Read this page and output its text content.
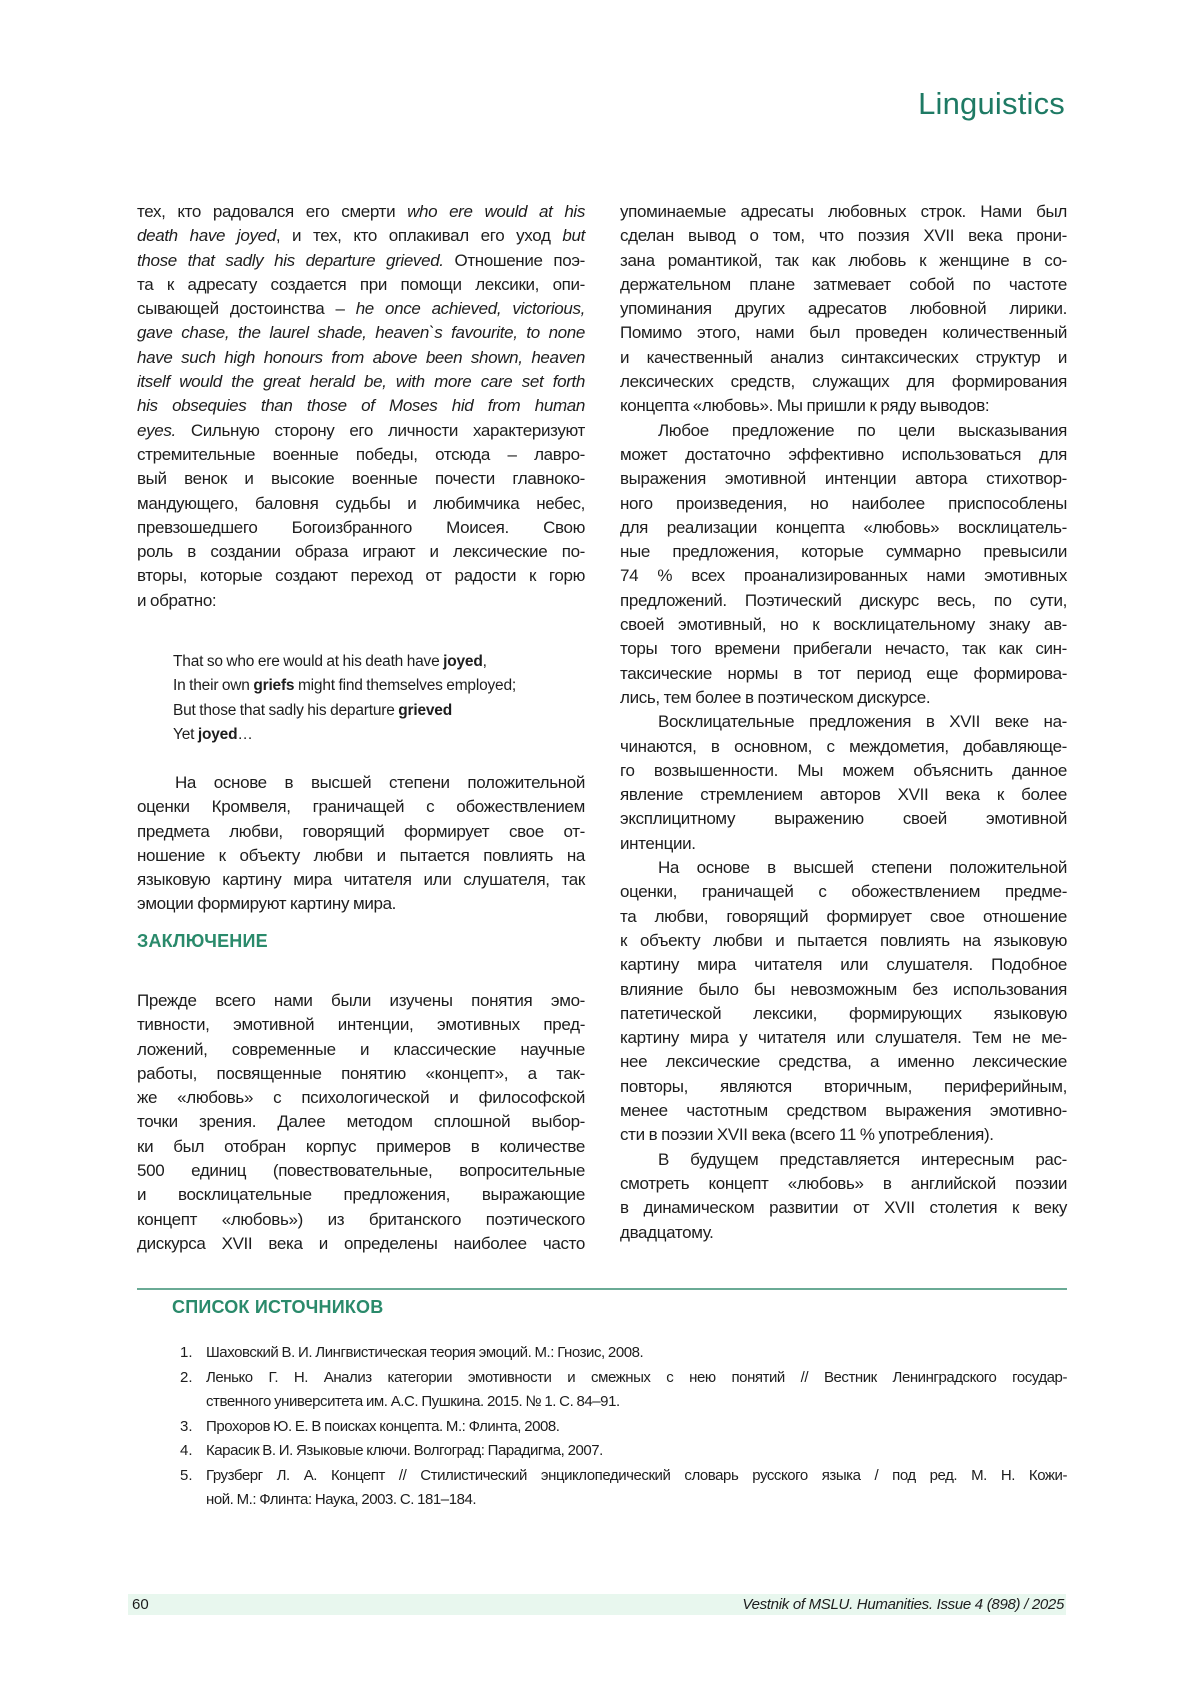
Linguistics
тех, кто радовался его смерти who ere would at his
death have joyed, и тех, кто оплакивал его уход but
those that sadly his departure grieved. Отношение поэ-
та к адресату создается при помощи лексики, опи-
сывающей достоинства – he once achieved, victorious,
gave chase, the laurel shade, heaven`s favourite, to none
have such high honours from above been shown, heaven
itself would the great herald be, with more care set forth
his obsequies than those of Moses hid from human
eyes. Сильную сторону его личности характеризуют
стремительные военные победы, отсюда – лавро-
вый венок и высокие военные почести главноко-
мандующего, баловня судьбы и любимчика небес,
превзошедшего Богоизбранного Моисея. Свою
роль в создании образа играют и лексические по-
вторы, которые создают переход от радости к горю
и обратно:
That so who ere would at his death have joyed,
In their own griefs might find themselves employed;
But those that sadly his departure grieved
Yet joyed…
На основе в высшей степени положительной
оценки Кромвеля, граничащей с обожествлением
предмета любви, говорящий формирует свое от-
ношение к объекту любви и пытается повлиять на
языковую картину мира читателя или слушателя, так
эмоции формируют картину мира.
ЗАКЛЮЧЕНИЕ
Прежде всего нами были изучены понятия эмо-
тивности, эмотивной интенции, эмотивных пред-
ложений, современные и классические научные
работы, посвященные понятию «концепт», а так-
же «любовь» с психологической и философской
точки зрения. Далее методом сплошной выбор-
ки был отобран корпус примеров в количестве
500 единиц (повествовательные, вопросительные
и восклицательные предложения, выражающие
концепт «любовь») из британского поэтического
дискурса XVII века и определены наиболее часто
упоминаемые адресаты любовных строк. Нами был
сделан вывод о том, что поэзия XVII века прони-
зана романтикой, так как любовь к женщине в со-
держательном плане затмевает собой по частоте
упоминания других адресатов любовной лирики.
Помимо этого, нами был проведен количественный
и качественный анализ синтаксических структур и
лексических средств, служащих для формирования
концепта «любовь». Мы пришли к ряду выводов:
Любое предложение по цели высказывания
может достаточно эффективно использоваться для
выражения эмотивной интенции автора стихотвор-
ного произведения, но наиболее приспособлены
для реализации концепта «любовь» восклицатель-
ные предложения, которые суммарно превысили
74 % всех проанализированных нами эмотивных
предложений. Поэтический дискурс весь, по сути,
своей эмотивный, но к восклицательному знаку ав-
торы того времени прибегали нечасто, так как син-
таксические нормы в тот период еще формирова-
лись, тем более в поэтическом дискурсе.
Восклицательные предложения в XVII веке на-
чинаются, в основном, с междометия, добавляюще-
го возвышенности. Мы можем объяснить данное
явление стремлением авторов XVII века к более
эксплицитному выражению своей эмотивной
интенции.
На основе в высшей степени положительной
оценки, граничащей с обожествлением предме-
та любви, говорящий формирует свое отношение
к объекту любви и пытается повлиять на языковую
картину мира читателя или слушателя. Подобное
влияние было бы невозможным без использования
патетической лексики, формирующих языковую
картину мира у читателя или слушателя. Тем не ме-
нее лексические средства, а именно лексические
повторы, являются вторичным, периферийным,
менее частотным средством выражения эмотивно-
сти в поэзии XVII века (всего 11 % употребления).
В будущем представляется интересным рас-
смотреть концепт «любовь» в английской поэзии
в динамическом развитии от XVII столетия к веку
двадцатому.
СПИСОК ИСТОЧНИКОВ
1. Шаховский В. И. Лингвистическая теория эмоций. М.: Гнозис, 2008.
2. Ленько Г. Н. Анализ категории эмотивности и смежных с нею понятий // Вестник Ленинградского государ-
ственного университета им. А.С. Пушкина. 2015. № 1. С. 84–91.
3. Прохоров Ю. Е. В поисках концепта. М.: Флинта, 2008.
4. Карасик В. И. Языковые ключи. Волгоград: Парадигма, 2007.
5. Грузберг Л. А. Концепт // Стилистический энциклопедический словарь русского языка / под ред. М. Н. Кожи-
ной. М.: Флинта: Наука, 2003. С. 181–184.
60	Vestnik of MSLU. Humanities. Issue 4 (898) / 2025
